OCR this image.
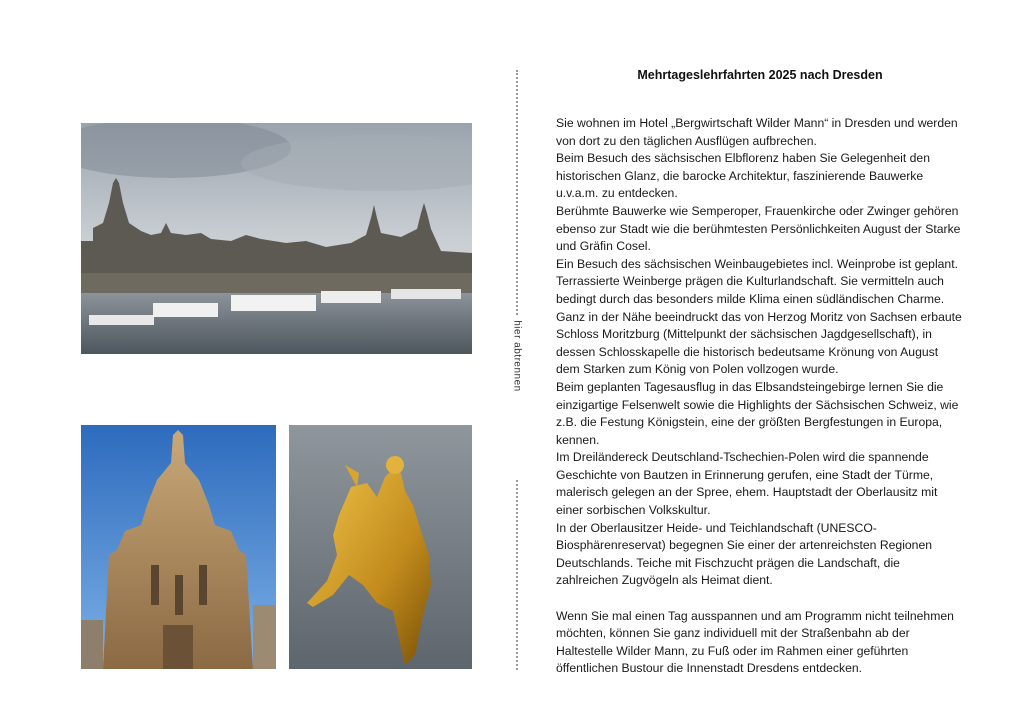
hier abtrennen
Mehrtageslehrfahrten 2025 nach Dresden

Sie wohnen im Hotel „Bergwirtschaft Wilder Mann“ in Dresden und werden von dort zu den täglichen Ausflügen aufbrechen.

Beim Besuch des sächsischen Elbflorenz haben Sie Gelegenheit den historischen Glanz, die barocke Architektur, faszinierende Bauwerke u.v.a.m. zu entdecken.

Berühmte Bauwerke wie Semperoper, Frauenkirche oder Zwinger gehören ebenso zur Stadt wie die berühmtesten Persönlichkeiten August der Starke und Gräfin Cosel.

Ein Besuch des sächsischen Weinbaugebietes incl. Weinprobe ist geplant. Terrassierte Weinberge prägen die Kulturlandschaft. Sie vermitteln auch bedingt durch das besonders milde Klima einen südländischen Charme. Ganz in der Nähe beeindruckt das von Herzog Moritz von Sachsen erbaute Schloss Moritzburg (Mittelpunkt der sächsischen Jagdgesellschaft), in dessen Schlosskapelle die historisch bedeutsame Krönung von August dem Starken zum König von Polen vollzogen wurde.

Beim geplanten Tagesausflug in das Elbsandsteingebirge lernen Sie die einzigartige Felsenwelt sowie die Highlights der Sächsischen Schweiz, wie z.B. die Festung Königstein, eine der größten Bergfestungen in Europa, kennen.

Im Dreiländereck Deutschland-Tschechien-Polen wird die spannende Geschichte von Bautzen in Erinnerung gerufen, eine Stadt der Türme, malerisch gelegen an der Spree, ehem. Hauptstadt der Oberlausitz mit einer sorbischen Volkskultur.

In der Oberlausitzer Heide- und Teichlandschaft (UNESCO-Biosphärenreservat) begegnen Sie einer der artenreichsten Regionen Deutschlands. Teiche mit Fischzucht prägen die Landschaft, die zahlreichen Zugvögeln als Heimat dient.

Wenn Sie mal einen Tag ausspannen und am Programm nicht teilnehmen möchten, können Sie ganz individuell mit der Straßenbahn ab der Haltestelle Wilder Mann, zu Fuß oder im Rahmen einer geführten öffentlichen Bustour die Innenstadt Dresdens entdecken.
